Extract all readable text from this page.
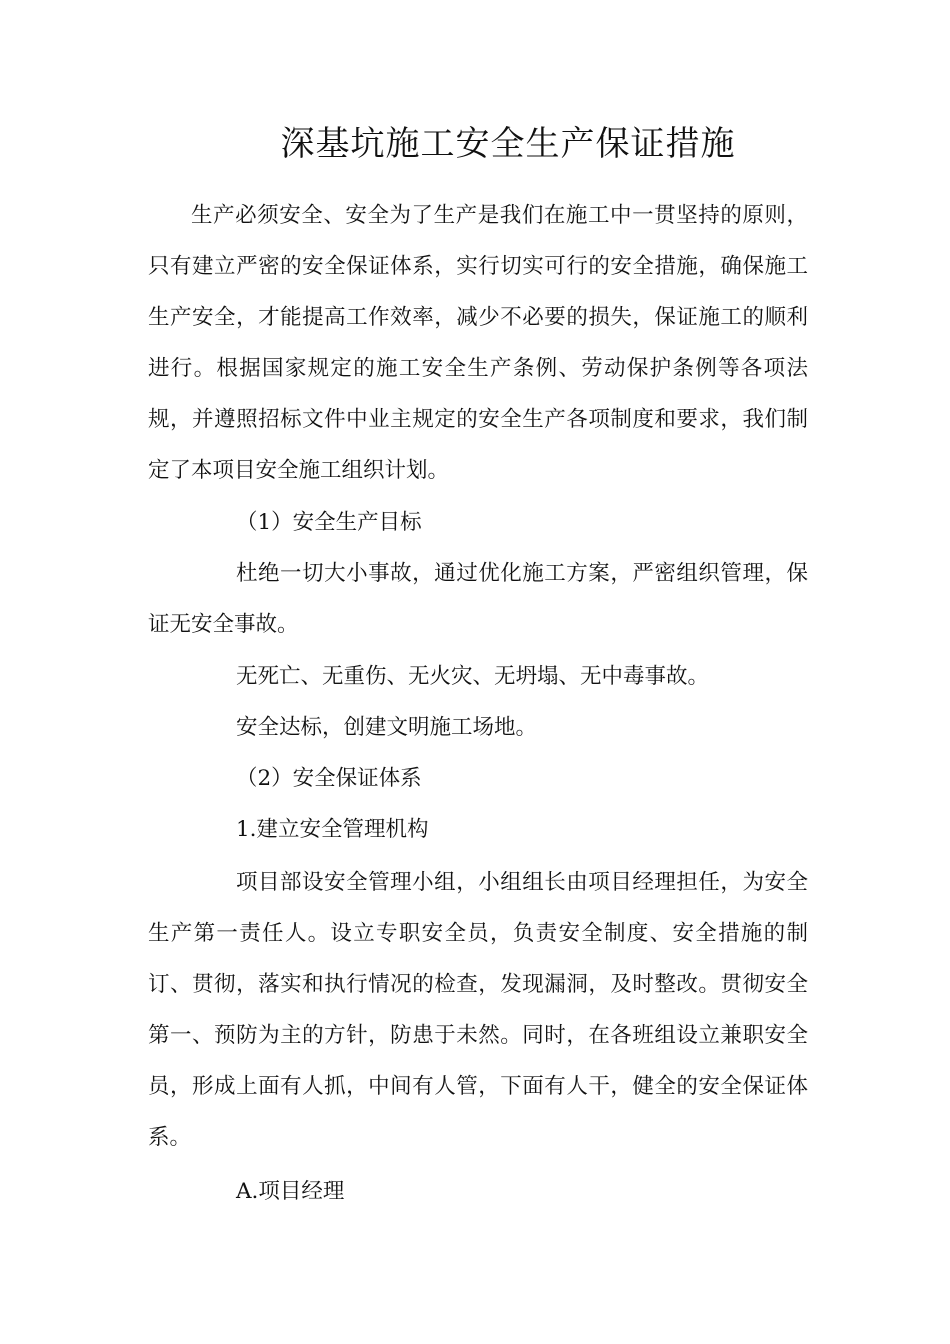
深基坑施工安全生产保证措施

生产必须安全、安全为了生产是我们在施工中一贯坚持的原则，只有建立严密的安全保证体系，实行切实可行的安全措施，确保施工生产安全，才能提高工作效率，减少不必要的损失，保证施工的顺利进行。根据国家规定的施工安全生产条例、劳动保护条例等各项法规，并遵照招标文件中业主规定的安全生产各项制度和要求，我们制定了本项目安全施工组织计划。

（1）安全生产目标

杜绝一切大小事故，通过优化施工方案，严密组织管理，保证无安全事故。

无死亡、无重伤、无火灾、无坍塌、无中毒事故。
安全达标，创建文明施工场地。
（2）安全保证体系
1.建立安全管理机构

项目部设安全管理小组，小组组长由项目经理担任，为安全生产第一责任人。设立专职安全员，负责安全制度、安全措施的制订、贯彻，落实和执行情况的检查，发现漏洞，及时整改。贯彻安全第一、预防为主的方针，防患于未然。同时，在各班组设立兼职安全员，形成上面有人抓，中间有人管，下面有人干，健全的安全保证体系。

A.项目经理
